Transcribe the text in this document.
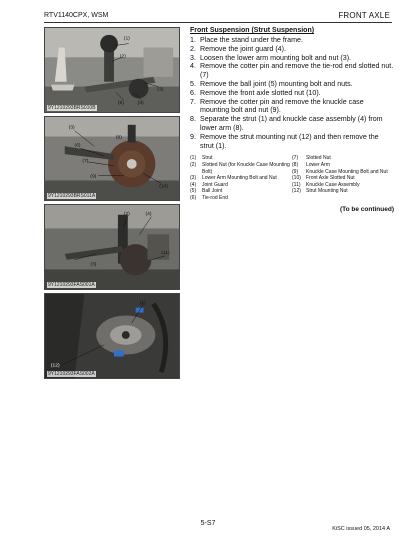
RTV1140CPX, WSM	FRONT AXLE
(1)
(2)
(3)
(4)
(5)
9Y1210293BRS010B
(3)
(6)
(7)
(8)
(9)
(10)
9Y1210293BRS011A
(2)
(3)
(4)
(11)
9Y1210293FAS001A
(1)
(12)
9Y1210293FAS002A
Front Suspension (Strut Suspension)
1. Place the stand under the frame.
2. Remove the joint guard (4).
3. Loosen the lower arm mounting bolt and nut (3).
4. Remove the cotter pin and remove the tie-rod end slotted nut. (7)
5. Remove the ball joint (5) mounting bolt and nuts.
6. Remove the front axle slotted nut (10).
7. Remove the cotter pin and remove the knuckle case mounting bolt and nut (9).
8. Separate the strut (1) and knuckle case assembly (4) from lower arm (8).
9. Remove the strut mounting nut (12) and then remove the strut (1).
(1)	Strut
(2)	Slotted Nut (for Knuckle Case Mounting Bolt)
(3)	Lower Arm Mounting Bolt and Nut
(4)	Joint Guard
(5)	Ball Joint
(6)	Tie-rod End
(7)	Slotted Nut
(8)	Lower Arm
(9)	Knuckle Case Mounting Bolt and Nut
(10)	Front Axle Slotted Nut
(11)	Knuckle Case Assembly
(12)	Strut Mounting Nut
(To be continued)
5-S7
KiSC issued 05, 2014 A
